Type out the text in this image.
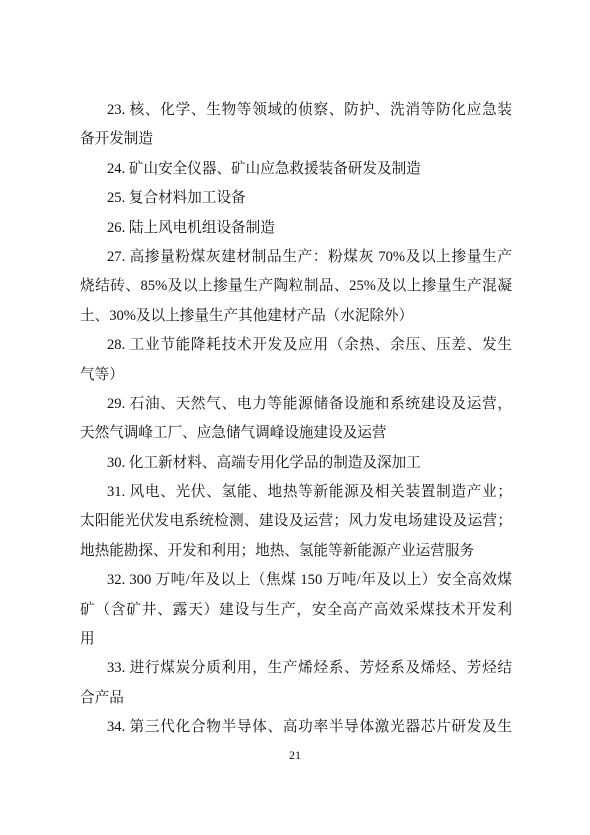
23. 核、化学、生物等领域的侦察、防护、洗消等防化应急装
备开发制造
24. 矿山安全仪器、矿山应急救援装备研发及制造
25. 复合材料加工设备
26. 陆上风电机组设备制造
27. 高掺量粉煤灰建材制品生产：粉煤灰 70%及以上掺量生产
烧结砖、85%及以上掺量生产陶粒制品、25%及以上掺量生产混凝
土、30%及以上掺量生产其他建材产品（水泥除外）
28. 工业节能降耗技术开发及应用（余热、余压、压差、发生
气等）
29. 石油、天然气、电力等能源储备设施和系统建设及运营，
天然气调峰工厂、应急储气调峰设施建设及运营
30. 化工新材料、高端专用化学品的制造及深加工
31. 风电、光伏、氢能、地热等新能源及相关装置制造产业；
太阳能光伏发电系统检测、建设及运营；风力发电场建设及运营；
地热能勘探、开发和利用；地热、氢能等新能源产业运营服务
32. 300 万吨/年及以上（焦煤 150 万吨/年及以上）安全高效煤
矿（含矿井、露天）建设与生产，安全高产高效采煤技术开发利
用
33. 进行煤炭分质利用，生产烯烃系、芳烃系及烯烃、芳烃结
合产品
34. 第三代化合物半导体、高功率半导体激光器芯片研发及生
21
